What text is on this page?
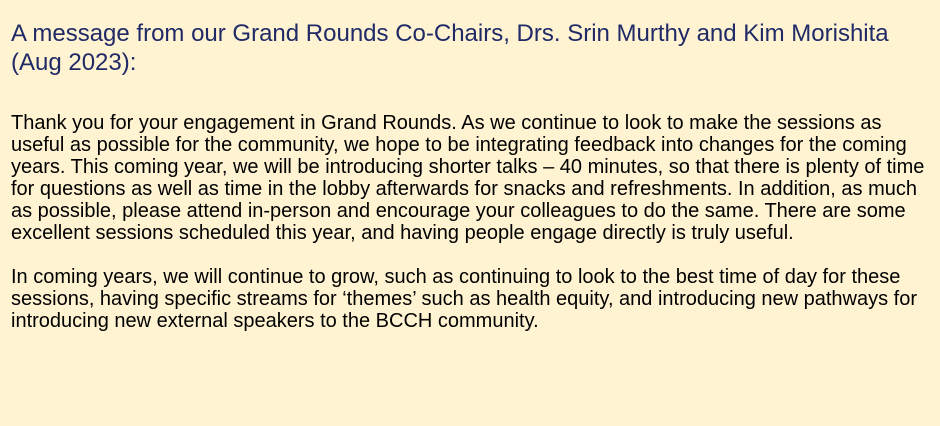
A message from our Grand Rounds Co-Chairs, Drs. Srin Murthy and Kim Morishita (Aug 2023):

Thank you for your engagement in Grand Rounds. As we continue to look to make the sessions as useful as possible for the community, we hope to be integrating feedback into changes for the coming years. This coming year, we will be introducing shorter talks – 40 minutes, so that there is plenty of time for questions as well as time in the lobby afterwards for snacks and refreshments. In addition, as much as possible, please attend in-person and encourage your colleagues to do the same. There are some excellent sessions scheduled this year, and having people engage directly is truly useful.

In coming years, we will continue to grow, such as continuing to look to the best time of day for these sessions, having specific streams for ‘themes’ such as health equity, and introducing new pathways for introducing new external speakers to the BCCH community.
